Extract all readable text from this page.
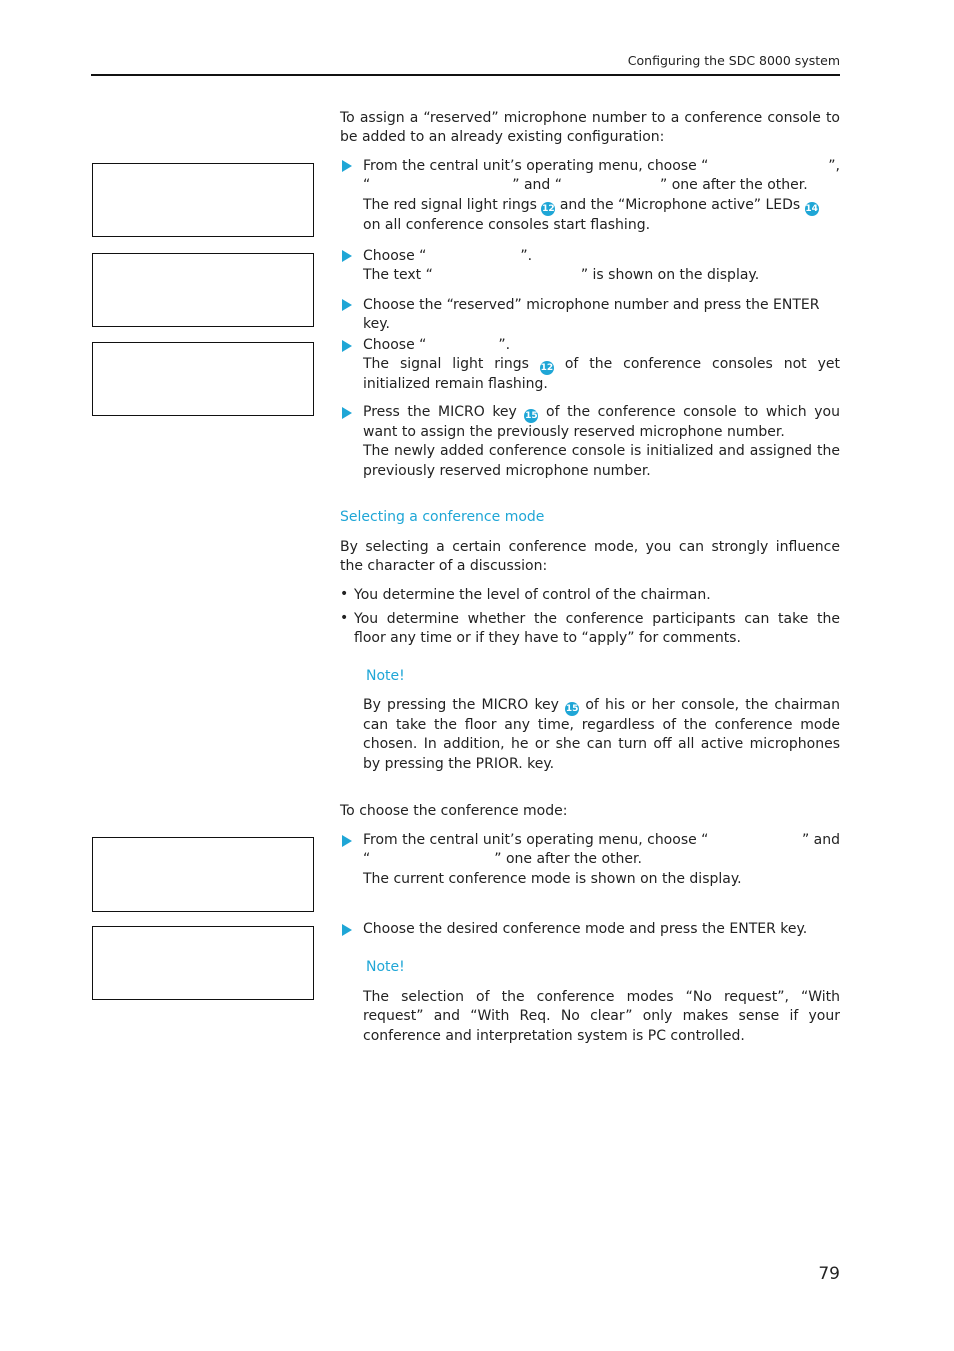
Configuring the SDC 8000 system
To assign a “reserved” microphone number to a conference console to be added to an already existing configuration:
From the central unit’s operating menu, choose “	”,
“	” and “	” one after the other.
The red signal light rings 12 and the “Microphone active” LEDs 14 on all conference consoles start flashing.
Choose “	”.
The text “	” is shown on the display.
Choose the “reserved” microphone number and press the ENTER key.
Choose “	”.
The signal light rings 12 of the conference consoles not yet initialized remain flashing.
Press the MICRO key 15 of the conference console to which you want to assign the previously reserved microphone number.
The newly added conference console is initialized and assigned the previously reserved microphone number.
Selecting a conference mode
By selecting a certain conference mode, you can strongly influence the character of a discussion:
• You determine the level of control of the chairman.
• You determine whether the conference participants can take the floor any time or if they have to “apply” for comments.
Note!
By pressing the MICRO key 15 of his or her console, the chairman can take the floor any time, regardless of the conference mode chosen. In addition, he or she can turn off all active microphones by pressing the PRIOR. key.
To choose the conference mode:
From the central unit’s operating menu, choose “	” and
“	” one after the other.
The current conference mode is shown on the display.
Choose the desired conference mode and press the ENTER key.
Note!
The selection of the conference modes “No request”, “With request” and “With Req. No clear” only makes sense if your conference and interpretation system is PC controlled.
79
